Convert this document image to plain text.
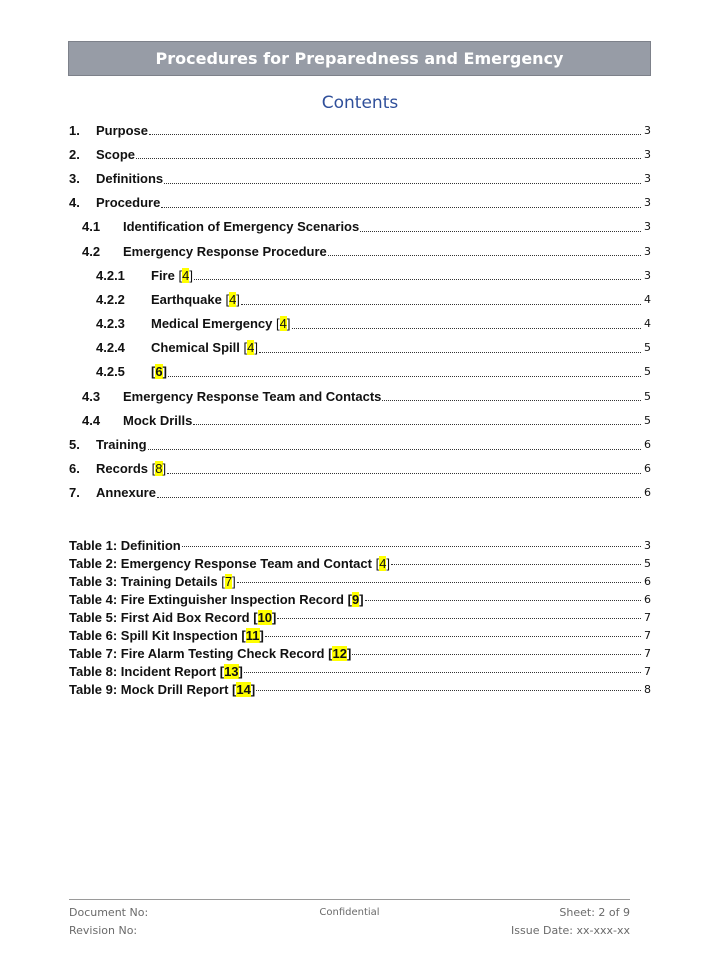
Procedures for Preparedness and Emergency
Contents
1.	Purpose	3
2.	Scope	3
3.	Definitions	3
4.	Procedure	3
4.1	Identification of Emergency Scenarios	3
4.2	Emergency Response Procedure	3
4.2.1	Fire [4]	3
4.2.2	Earthquake [4]	4
4.2.3	Medical Emergency [4]	4
4.2.4	Chemical Spill [4]	5
4.2.5	[6]	5
4.3	Emergency Response Team and Contacts	5
4.4	Mock Drills	5
5.	Training	6
6.	Records [8]	6
7.	Annexure	6
Table 1: Definition	3
Table 2: Emergency Response Team and Contact [4]	5
Table 3: Training Details [7]	6
Table 4: Fire Extinguisher Inspection Record [9]	6
Table 5: First Aid Box Record [10]	7
Table 6: Spill Kit Inspection [11]	7
Table 7: Fire Alarm Testing Check Record [12]	7
Table 8: Incident Report [13]	7
Table 9: Mock Drill Report [14]	8
Document No:	Confidential	Sheet: 2 of 9
Revision No:	Issue Date: xx-xxx-xx
